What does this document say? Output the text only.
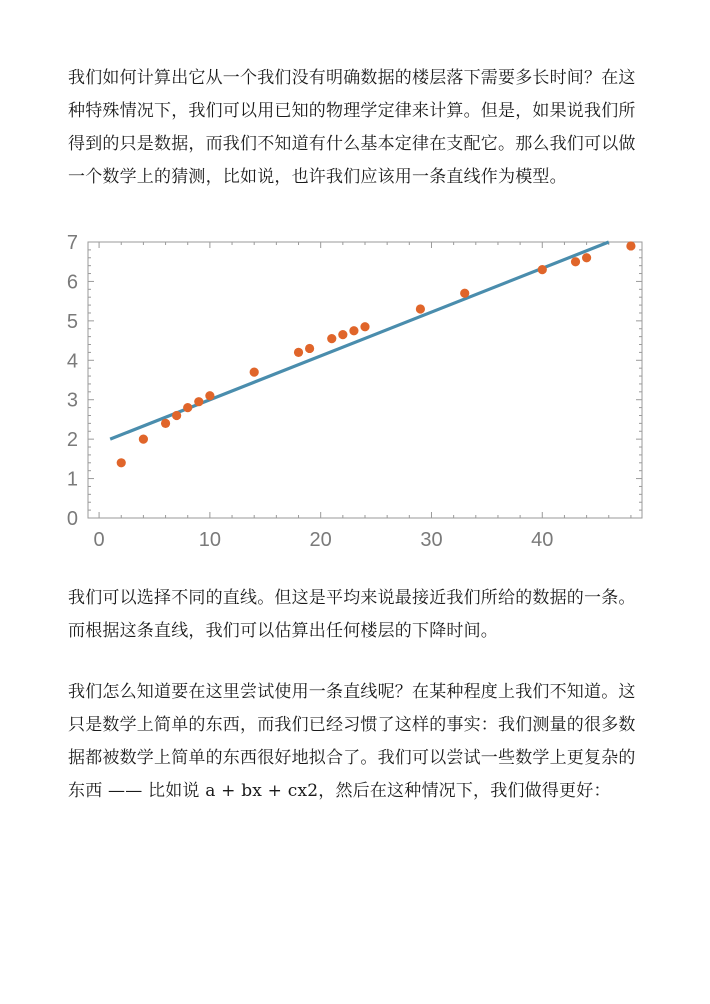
我们如何计算出它从一个我们没有明确数据的楼层落下需要多长时间？在这种特殊情况下，我们可以用已知的物理学定律来计算。但是，如果说我们所得到的只是数据，而我们不知道有什么基本定律在支配它。那么我们可以做一个数学上的猜测，比如说，也许我们应该用一条直线作为模型。

0
1
2
3
4
5
6
7
0	10	20	30	40

我们可以选择不同的直线。但这是平均来说最接近我们所给的数据的一条。而根据这条直线，我们可以估算出任何楼层的下降时间。

我们怎么知道要在这里尝试使用一条直线呢？在某种程度上我们不知道。这只是数学上简单的东西，而我们已经习惯了这样的事实：我们测量的很多数据都被数学上简单的东西很好地拟合了。我们可以尝试一些数学上更复杂的东西 —— 比如说 a + bx + cx2，然后在这种情况下，我们做得更好：
